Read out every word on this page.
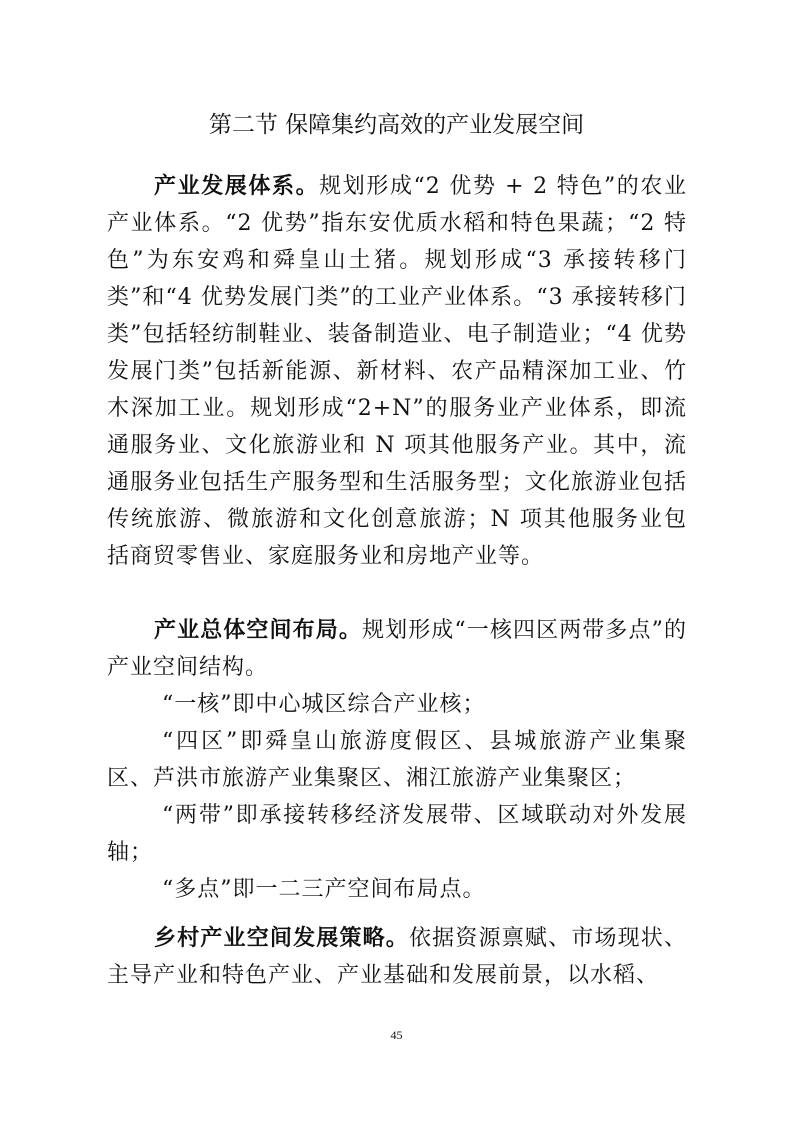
第二节 保障集约高效的产业发展空间

产业发展体系。规划形成“2 优势 + 2 特色”的农业产业体系。“2 优势”指东安优质水稻和特色果蔬；“2 特色”为东安鸡和舜皇山土猪。规划形成“3 承接转移门类”和“4 优势发展门类”的工业产业体系。“3 承接转移门类”包括轻纺制鞋业、装备制造业、电子制造业；“4 优势发展门类”包括新能源、新材料、农产品精深加工业、竹木深加工业。规划形成“2+N”的服务业产业体系，即流通服务业、文化旅游业和 N 项其他服务产业。其中，流通服务业包括生产服务型和生活服务型；文化旅游业包括传统旅游、微旅游和文化创意旅游；N 项其他服务业包括商贸零售业、家庭服务业和房地产业等。

产业总体空间布局。规划形成“一核四区两带多点”的产业空间结构。

“一核”即中心城区综合产业核；

“四区”即舜皇山旅游度假区、县城旅游产业集聚区、芦洪市旅游产业集聚区、湘江旅游产业集聚区；

“两带”即承接转移经济发展带、区域联动对外发展轴；

“多点”即一二三产空间布局点。

乡村产业空间发展策略。依据资源禀赋、市场现状、主导产业和特色产业、产业基础和发展前景，以水稻、

45
